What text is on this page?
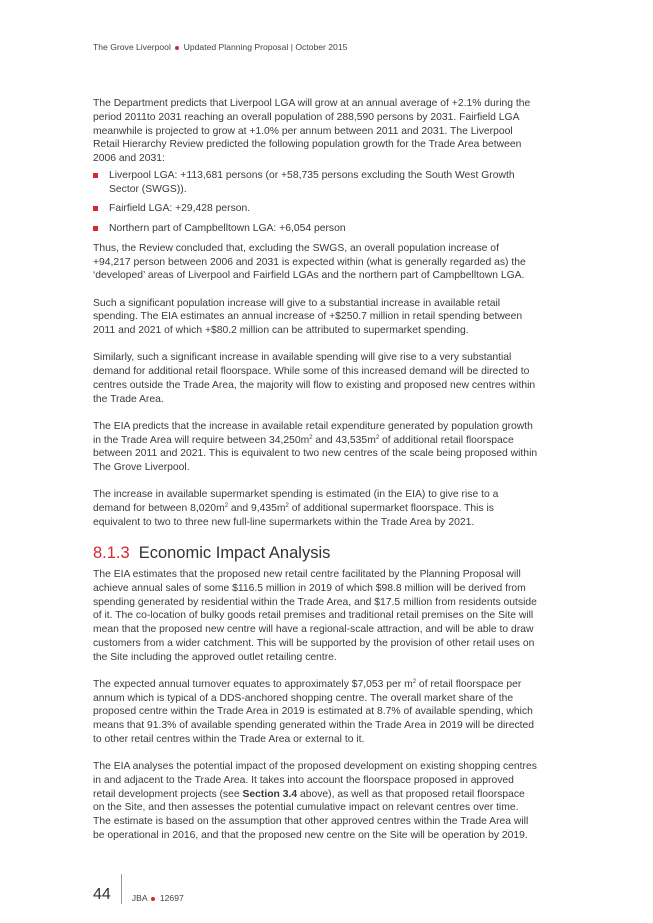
The Grove Liverpool Updated Planning Proposal | October 2015

The Department predicts that Liverpool LGA will grow at an annual average of +2.1% during the period 2011to 2031 reaching an overall population of 288,590 persons by 2031. Fairfield LGA meanwhile is projected to grow at +1.0% per annum between 2011 and 2031. The Liverpool Retail Hierarchy Review predicted the following population growth for the Trade Area between 2006 and 2031:

Liverpool LGA: +113,681 persons (or +58,735 persons excluding the South West Growth Sector (SWGS)).
Fairfield LGA: +29,428 person.
Northern part of Campbelltown LGA: +6,054 person

Thus, the Review concluded that, excluding the SWGS, an overall population increase of +94,217 person between 2006 and 2031 is expected within (what is generally regarded as) the ‘developed’ areas of Liverpool and Fairfield LGAs and the northern part of Campbelltown LGA.

Such a significant population increase will give to a substantial increase in available retail spending. The EIA estimates an annual increase of +$250.7 million in retail spending between 2011 and 2021 of which +$80.2 million can be attributed to supermarket spending.

Similarly, such a significant increase in available spending will give rise to a very substantial demand for additional retail floorspace. While some of this increased demand will be directed to centres outside the Trade Area, the majority will flow to existing and proposed new centres within the Trade Area.

The EIA predicts that the increase in available retail expenditure generated by population growth in the Trade Area will require between $34,250m^2$ and $43,535m^2$ of additional retail floorspace between 2011 and 2021. This is equivalent to two new centres of the scale being proposed within The Grove Liverpool.

The increase in available supermarket spending is estimated (in the EIA) to give rise to a demand for between $8,020m^2$ and $9,435m^2$ of additional supermarket floorspace. This is equivalent to two to three new full-line supermarkets within the Trade Area by 2021.

8.1.3 Economic Impact Analysis

The EIA estimates that the proposed new retail centre facilitated by the Planning Proposal will achieve annual sales of some $116.5 million in 2019 of which $98.8 million will be derived from spending generated by residential within the Trade Area, and $17.5 million from residents outside of it. The co-location of bulky goods retail premises and traditional retail premises on the Site will mean that the proposed new centre will have a regional-scale attraction, and will be able to draw customers from a wider catchment. This will be supported by the provision of other retail uses on the Site including the approved outlet retailing centre.

The expected annual turnover equates to approximately $7,053 per $m^2$ of retail floorspace per annum which is typical of a DDS-anchored shopping centre. The overall market share of the proposed centre within the Trade Area in 2019 is estimated at 8.7% of available spending, which means that 91.3% of available spending generated within the Trade Area in 2019 will be directed to other retail centres within the Trade Area or external to it.

The EIA analyses the potential impact of the proposed development on existing shopping centres in and adjacent to the Trade Area. It takes into account the floorspace proposed in approved retail development projects (see Section 3.4 above), as well as that proposed retail floorspace on the Site, and then assesses the potential cumulative impact on relevant centres over time. The estimate is based on the assumption that other approved centres within the Trade Area will be operational in 2016, and that the proposed new centre on the Site will be operation by 2019.

44 JBA 12697
